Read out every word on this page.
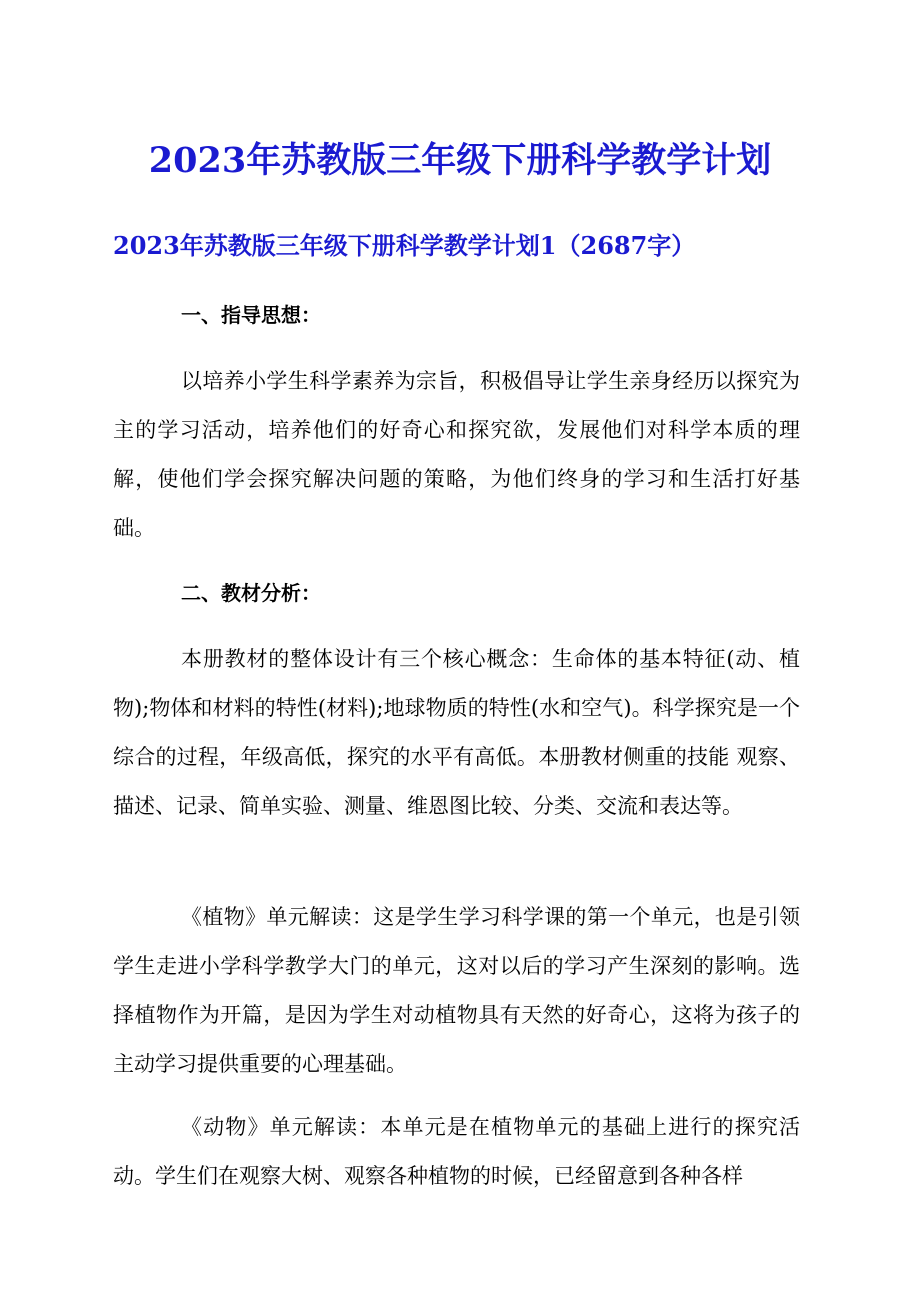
2023年苏教版三年级下册科学教学计划
2023年苏教版三年级下册科学教学计划1（2687字）
一、指导思想：

以培养小学生科学素养为宗旨，积极倡导让学生亲身经历以探究为主的学习活动，培养他们的好奇心和探究欲，发展他们对科学本质的理解，使他们学会探究解决问题的策略，为他们终身的学习和生活打好基础。

二、教材分析：

本册教材的整体设计有三个核心概念：生命体的基本特征(动、植物);物体和材料的特性(材料);地球物质的特性(水和空气)。科学探究是一个综合的过程，年级高低，探究的水平有高低。本册教材侧重的技能 观察、描述、记录、简单实验、测量、维恩图比较、分类、交流和表达等。

《植物》单元解读：这是学生学习科学课的第一个单元，也是引领学生走进小学科学教学大门的单元，这对以后的学习产生深刻的影响。选择植物作为开篇，是因为学生对动植物具有天然的好奇心，这将为孩子的主动学习提供重要的心理基础。

《动物》单元解读：本单元是在植物单元的基础上进行的探究活动。学生们在观察大树、观察各种植物的时候，已经留意到各种各样
